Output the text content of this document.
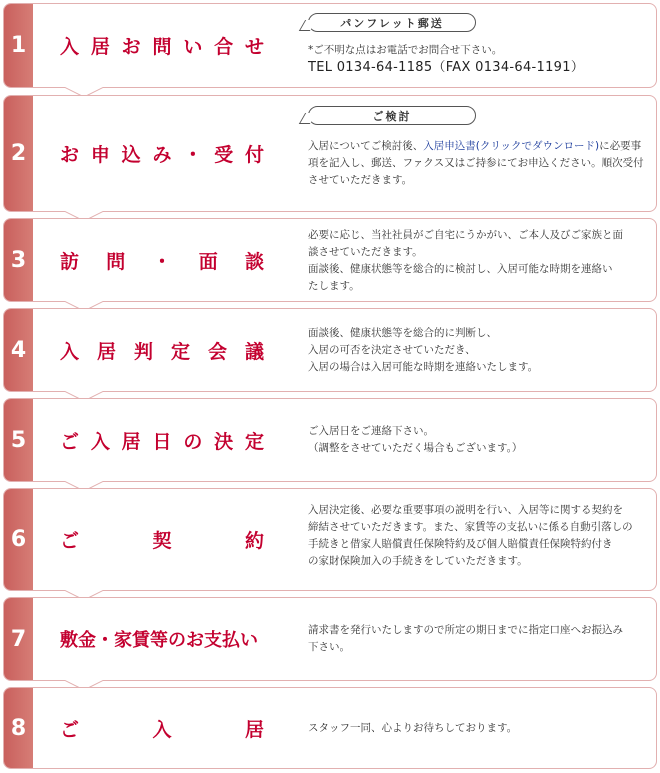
1	入居お問い合せ
パンフレット郵送
*ご不明な点はお電話でお問合せ下さい。
TEL 0134-64-1185（FAX 0134-64-1191）
2	お申込み・受付
ご検討
入居についてご検討後、入居申込書(クリックでダウンロード)に必要事項を記入し、郵送、ファクス又はご持参にてお申込ください。順次受付させていただきます。
3	訪問・面談
必要に応じ、当社社員がご自宅にうかがい、ご本人及びご家族と面
談させていただきます。
面談後、健康状態等を総合的に検討し、入居可能な時期を連絡い
たします。
4	入居判定会議
面談後、健康状態等を総合的に判断し、
入居の可否を決定させていただき、
入居の場合は入居可能な時期を連絡いたします。
5	ご入居日の決定	ご入居日をご連絡下さい。
（調整をさせていただく場合もございます。）
6	ご契約
入居決定後、必要な重要事項の説明を行い、入居等に関する契約を
締結させていただきます。また、家賃等の支払いに係る自動引落しの
手続きと借家人賠償責任保険特約及び個人賠償責任保険特約付き
の家財保険加入の手続きをしていただきます。
7	敷金・家賃等のお支払い	請求書を発行いたしますので所定の期日までに指定口座へお振込み
下さい。
8	ご入居	スタッフ一同、心よりお待ちしております。
